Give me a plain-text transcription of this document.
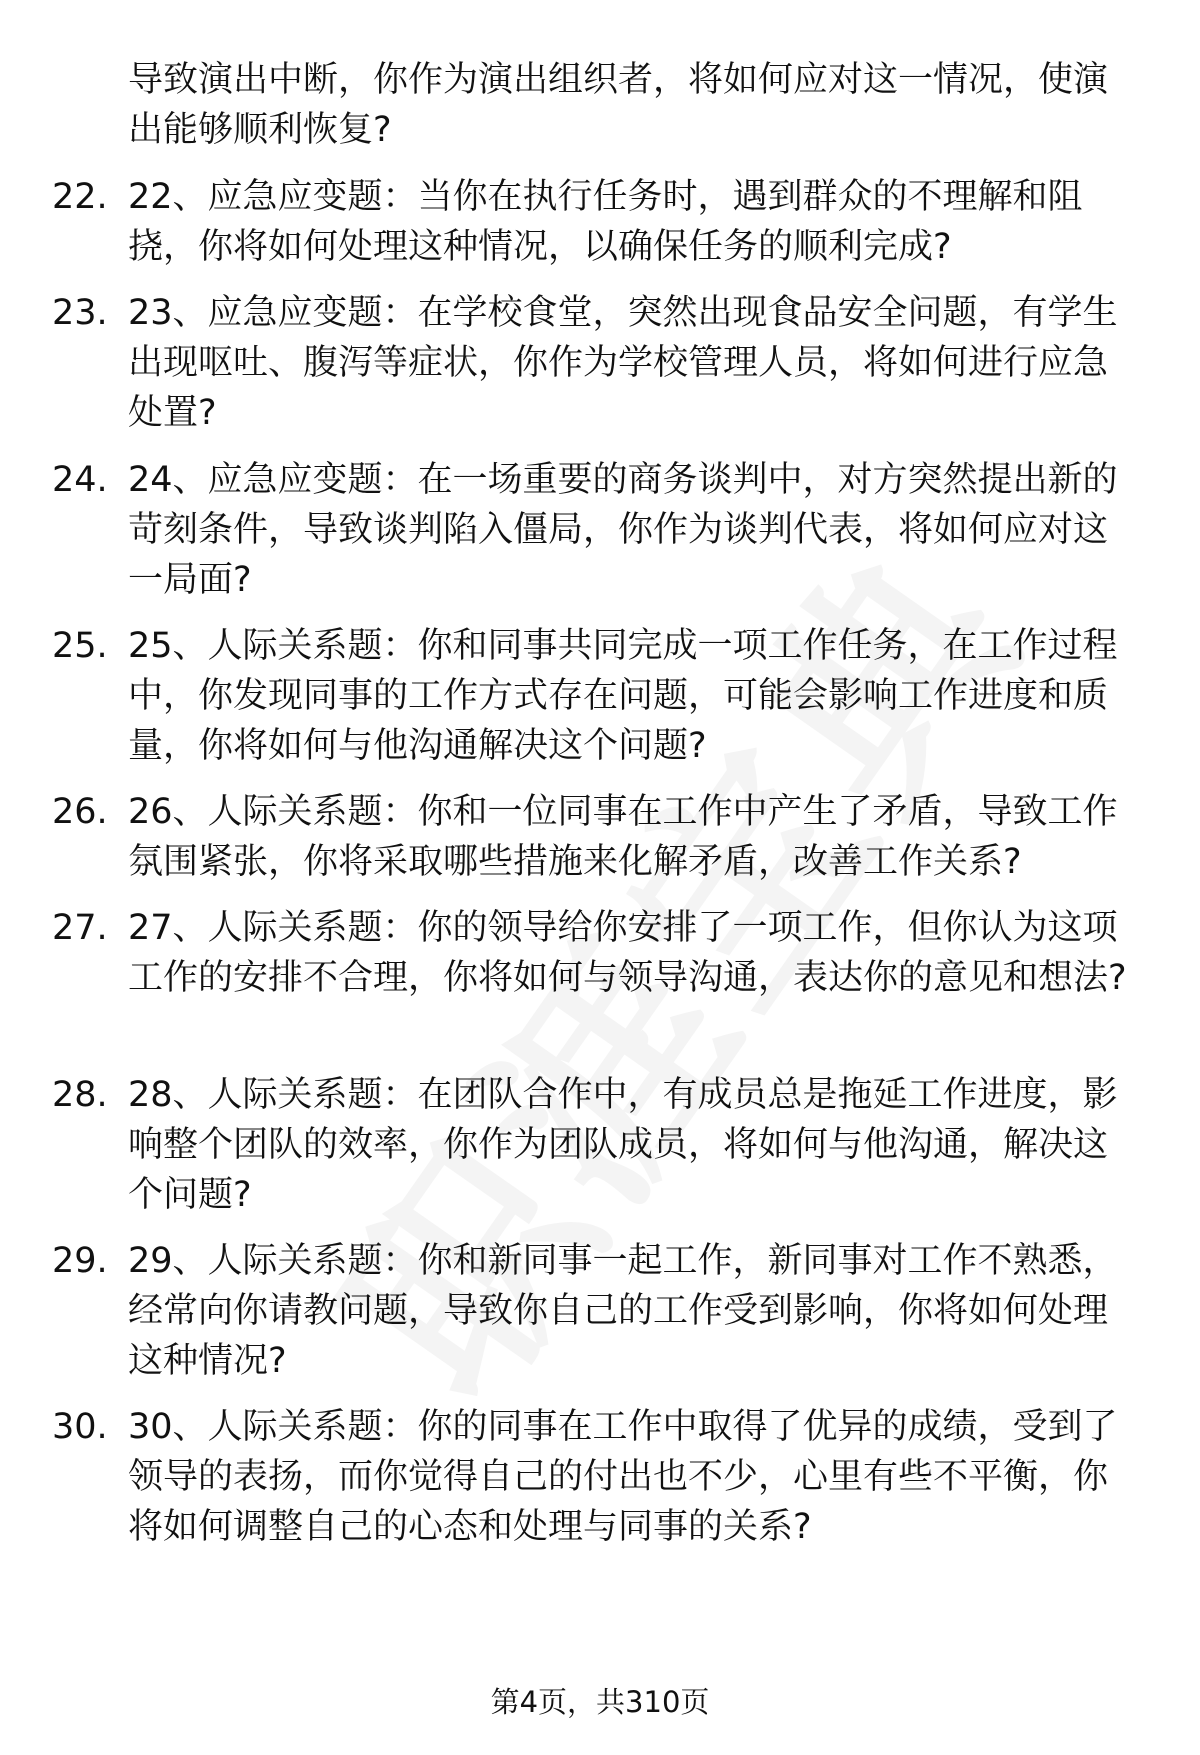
导致演出中断，你作为演出组织者，将如何应对这一情况，使演出能够顺利恢复?
22. 22、应急应变题：当你在执行任务时，遇到群众的不理解和阻挠，你将如何处理这种情况，以确保任务的顺利完成?
23. 23、应急应变题：在学校食堂，突然出现食品安全问题，有学生出现呕吐、腹泻等症状，你作为学校管理人员，将如何进行应急处置?
24. 24、应急应变题：在一场重要的商务谈判中，对方突然提出新的苛刻条件，导致谈判陷入僵局，你作为谈判代表，将如何应对这一局面?
25. 25、人际关系题：你和同事共同完成一项工作任务，在工作过程中，你发现同事的工作方式存在问题，可能会影响工作进度和质量，你将如何与他沟通解决这个问题?
26. 26、人际关系题：你和一位同事在工作中产生了矛盾，导致工作氛围紧张，你将采取哪些措施来化解矛盾，改善工作关系?
27. 27、人际关系题：你的领导给你安排了一项工作，但你认为这项工作的安排不合理，你将如何与领导沟通，表达你的意见和想法?
28. 28、人际关系题：在团队合作中，有成员总是拖延工作进度，影响整个团队的效率，你作为团队成员，将如何与他沟通，解决这个问题?
29. 29、人际关系题：你和新同事一起工作，新同事对工作不熟悉，经常向你请教问题，导致你自己的工作受到影响，你将如何处理这种情况?
30. 30、人际关系题：你的同事在工作中取得了优异的成绩，受到了领导的表扬，而你觉得自己的付出也不少，心里有些不平衡，你将如何调整自己的心态和处理与同事的关系?
第4页，共310页
